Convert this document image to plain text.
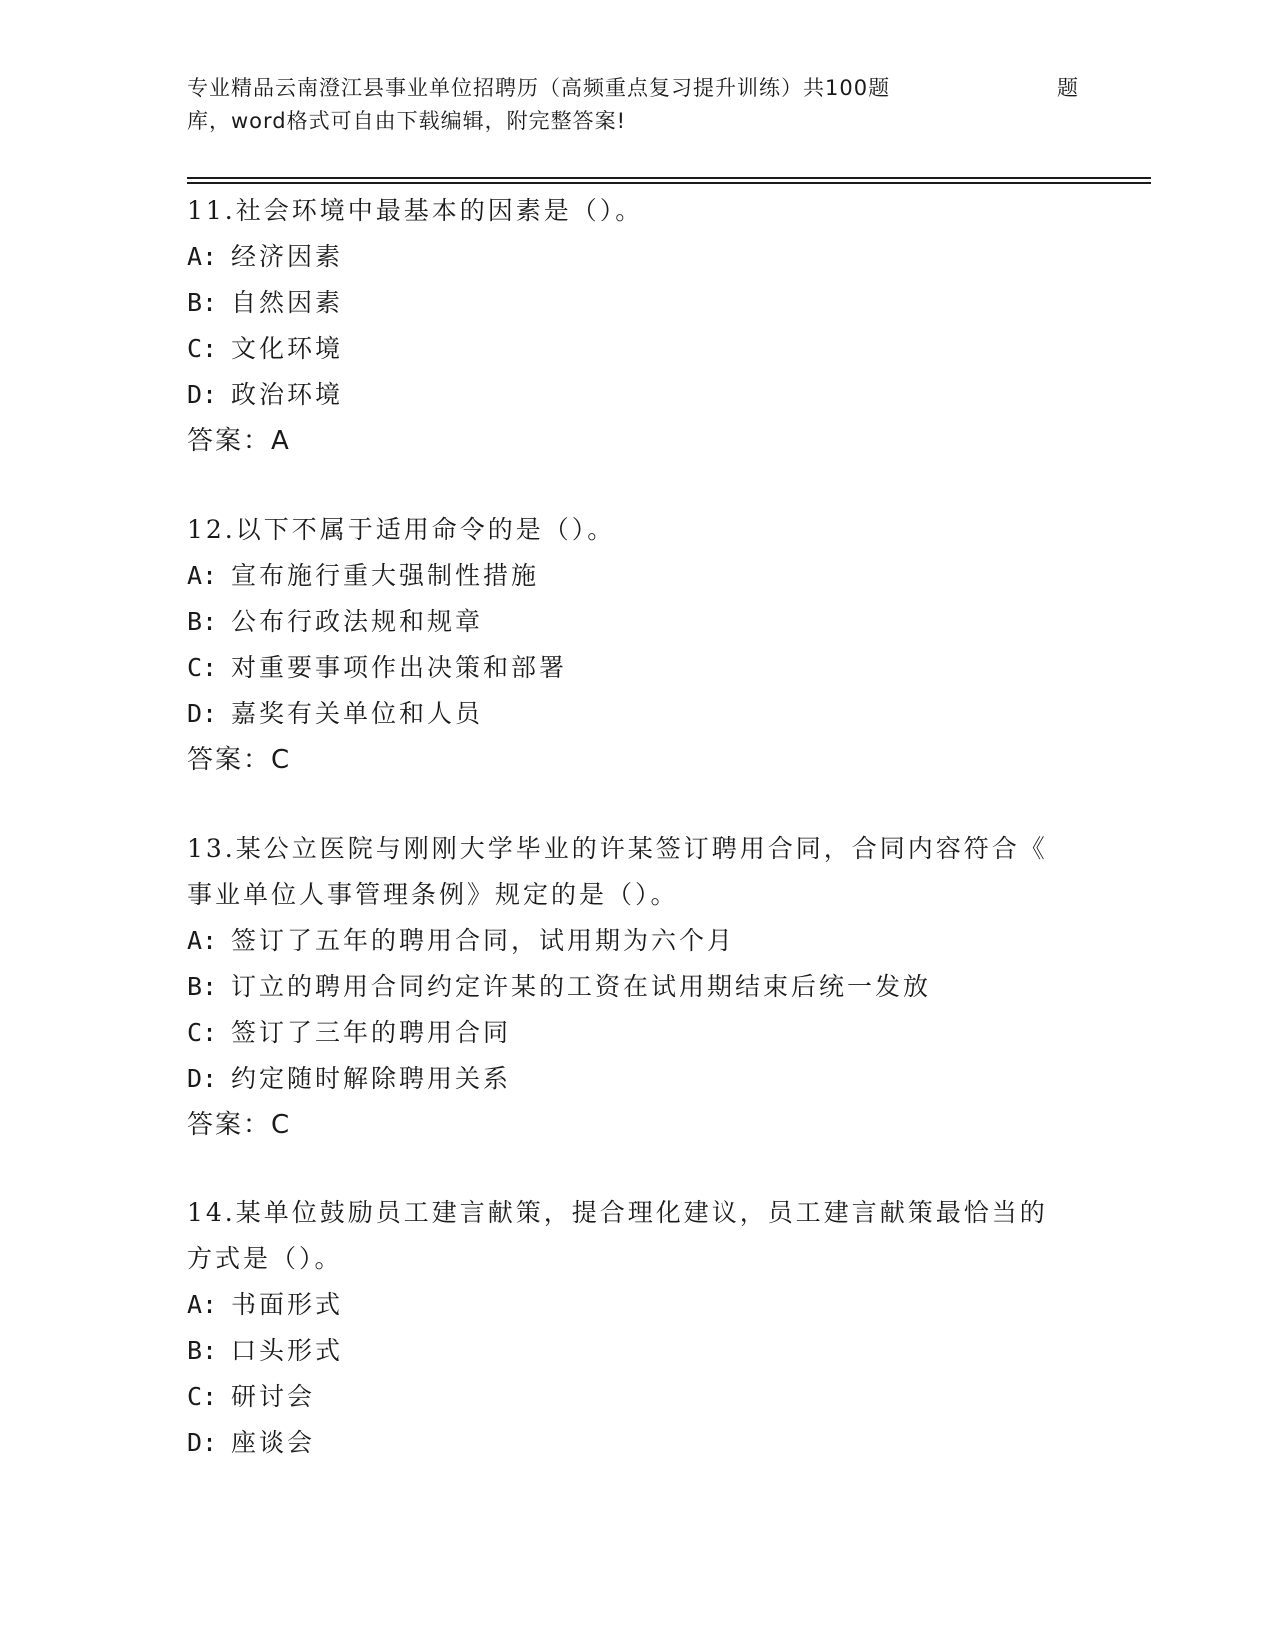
专业精品云南澄江县事业单位招聘历（高频重点复习提升训练）共100题	题
库，word格式可自由下载编辑，附完整答案!
11.社会环境中最基本的因素是（）。
A: 经济因素
B: 自然因素
C: 文化环境
D: 政治环境
答案：A
12.以下不属于适用命令的是（）。
A: 宣布施行重大强制性措施
B: 公布行政法规和规章
C: 对重要事项作出决策和部署
D: 嘉奖有关单位和人员
答案：C
13.某公立医院与刚刚大学毕业的许某签订聘用合同，合同内容符合《
事业单位人事管理条例》规定的是（）。
A: 签订了五年的聘用合同，试用期为六个月
B: 订立的聘用合同约定许某的工资在试用期结束后统一发放
C: 签订了三年的聘用合同
D: 约定随时解除聘用关系
答案：C
14.某单位鼓励员工建言献策，提合理化建议，员工建言献策最恰当的
方式是（）。
A: 书面形式
B: 口头形式
C: 研讨会
D: 座谈会
